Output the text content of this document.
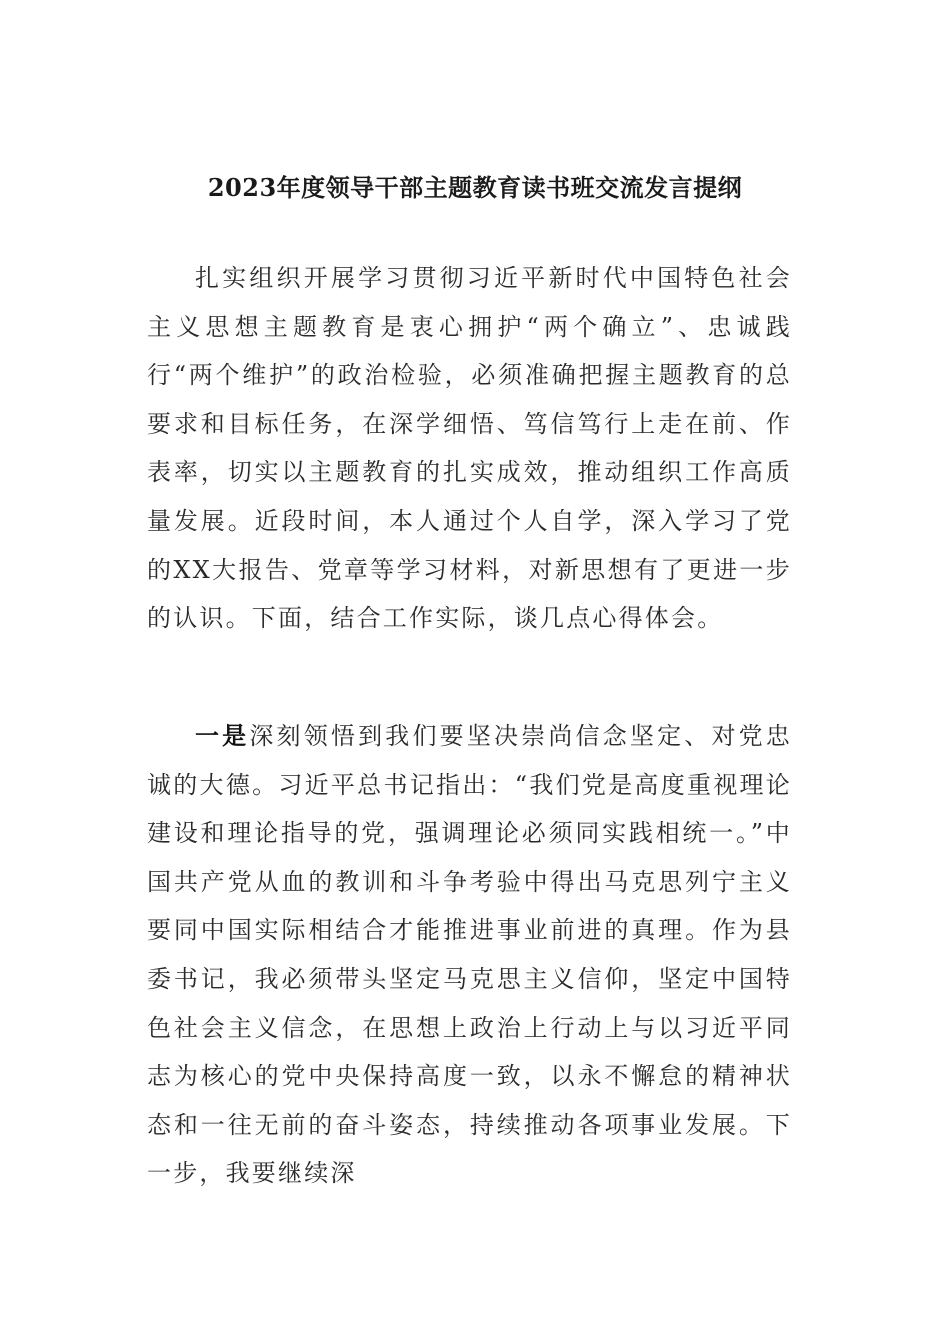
2023年度领导干部主题教育读书班交流发言提纲

扎实组织开展学习贯彻习近平新时代中国特色社会主义思想主题教育是衷心拥护“两个确立”、忠诚践行“两个维护”的政治检验，必须准确把握主题教育的总要求和目标任务，在深学细悟、笃信笃行上走在前、作表率，切实以主题教育的扎实成效，推动组织工作高质量发展。近段时间，本人通过个人自学，深入学习了党的XX大报告、党章等学习材料，对新思想有了更进一步的认识。下面，结合工作实际，谈几点心得体会。

一是深刻领悟到我们要坚决崇尚信念坚定、对党忠诚的大德。习近平总书记指出：“我们党是高度重视理论建设和理论指导的党，强调理论必须同实践相统一。”中国共产党从血的教训和斗争考验中得出马克思列宁主义要同中国实际相结合才能推进事业前进的真理。作为县委书记，我必须带头坚定马克思主义信仰，坚定中国特色社会主义信念，在思想上政治上行动上与以习近平同志为核心的党中央保持高度一致，以永不懈怠的精神状态和一往无前的奋斗姿态，持续推动各项事业发展。下一步，我要继续深
